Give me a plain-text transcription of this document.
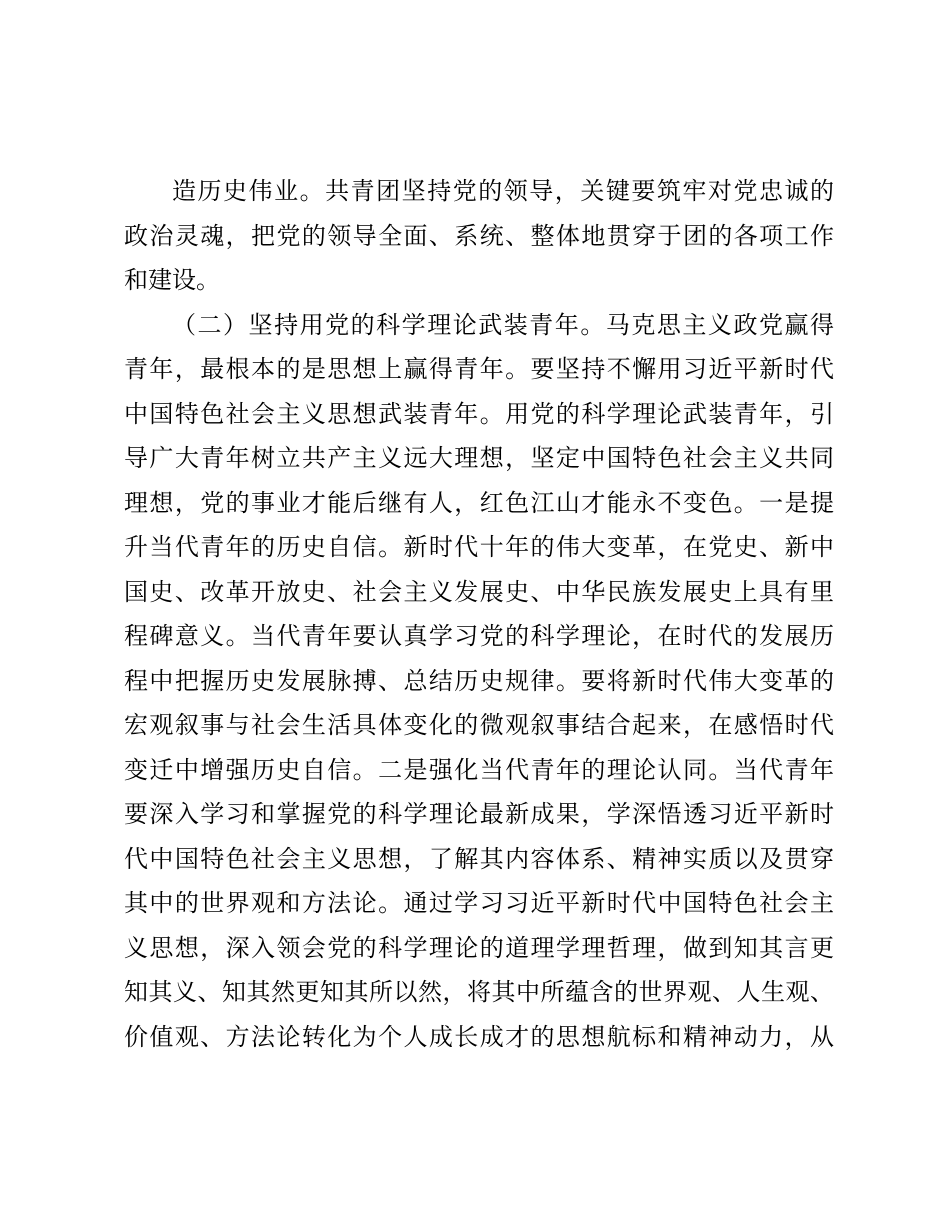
造历史伟业。共青团坚持党的领导，关键要筑牢对党忠诚的
政治灵魂，把党的领导全面、系统、整体地贯穿于团的各项工作
和建设。
（二）坚持用党的科学理论武装青年。马克思主义政党赢得
青年，最根本的是思想上赢得青年。要坚持不懈用习近平新时代
中国特色社会主义思想武装青年。用党的科学理论武装青年，引
导广大青年树立共产主义远大理想，坚定中国特色社会主义共同
理想，党的事业才能后继有人，红色江山才能永不变色。一是提
升当代青年的历史自信。新时代十年的伟大变革，在党史、新中
国史、改革开放史、社会主义发展史、中华民族发展史上具有里
程碑意义。当代青年要认真学习党的科学理论，在时代的发展历
程中把握历史发展脉搏、总结历史规律。要将新时代伟大变革的
宏观叙事与社会生活具体变化的微观叙事结合起来，在感悟时代
变迁中增强历史自信。二是强化当代青年的理论认同。当代青年
要深入学习和掌握党的科学理论最新成果，学深悟透习近平新时
代中国特色社会主义思想，了解其内容体系、精神实质以及贯穿
其中的世界观和方法论。通过学习习近平新时代中国特色社会主
义思想，深入领会党的科学理论的道理学理哲理，做到知其言更
知其义、知其然更知其所以然，将其中所蕴含的世界观、人生观、
价值观、方法论转化为个人成长成才的思想航标和精神动力，从
